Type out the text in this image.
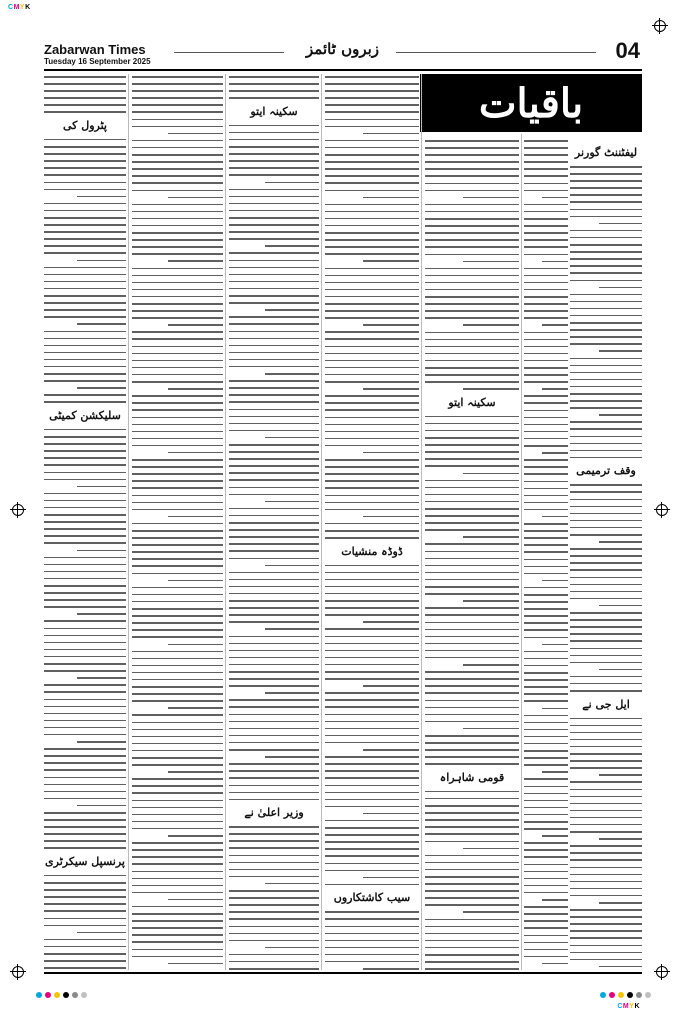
CMYK
CMYK
Zabarwan Times
Tuesday 16 September 2025
زبروں ٹائمز	04
باقیات
لیفٹننٹ گورنر
وقف ترمیمی
ایل جی نے
سکینہ ایتو
قومی شاہراہ
ڈوڈہ منشیات
سیب کاشتکاروں
سکینہ ایتو
وزیر اعلیٰ نے
پٹرول کی
سلیکشن کمیٹی
پرنسپل سیکرٹری
